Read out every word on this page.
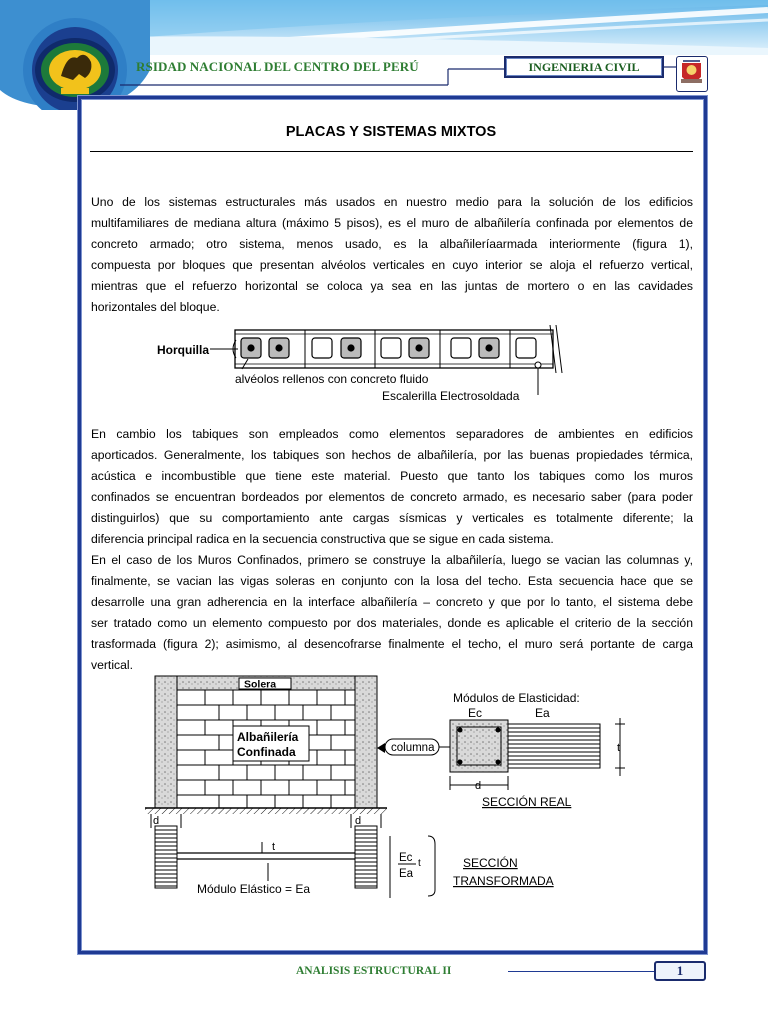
RSIDAD NACIONAL DEL CENTRO DEL PERÚ	INGENIERIA CIVIL
PLACAS Y SISTEMAS MIXTOS
Uno de los sistemas estructurales más usados en nuestro medio para la solución de los edificios
multifamiliares de mediana altura (máximo 5 pisos), es el muro de albañilería confinada por elementos de
concreto armado; otro sistema, menos usado, es la albañileríaarmada interiormente (figura 1),
compuesta por bloques que presentan alvéolos verticales en cuyo interior se aloja el refuerzo vertical,
mientras que el refuerzo horizontal se coloca ya sea en las juntas de mortero o en las cavidades
horizontales del bloque.
Horquilla
alvéolos rellenos con concreto fluido
Escalerilla Electrosoldada
En cambio los tabiques son empleados como elementos separadores de ambientes en edificios
aporticados. Generalmente, los tabiques son hechos de albañilería, por las buenas propiedades térmica,
acústica e incombustible que tiene este material. Puesto que tanto los tabiques como los muros
confinados se encuentran bordeados por elementos de concreto armado, es necesario saber (para poder
distinguirlos) que su comportamiento ante cargas sísmicas y verticales es totalmente diferente; la
diferencia principal radica en la secuencia constructiva que se sigue en cada sistema.
En el caso de los Muros Confinados, primero se construye la albañilería, luego se vacian las columnas y,
finalmente, se vacian las vigas soleras en conjunto con la losa del techo. Esta secuencia hace que se
desarrolle una gran adherencia en la interface albañilería – concreto y que por lo tanto, el sistema debe
ser tratado como un elemento compuesto por dos materiales, donde es aplicable el criterio de la sección
trasformada (figura 2); asimismo, al desencofrarse finalmente el techo, el muro será portante de carga
vertical.
Solera
Albañilería
Confinada	columna
Módulos de Elasticidad:
Ec	Ea
t
d
SECCIÓN REAL
t
d	d
Módulo Elástico = Ea
Ec
Ea
t	SECCIÓN
TRANSFORMADA
ANALISIS ESTRUCTURAL II	1
